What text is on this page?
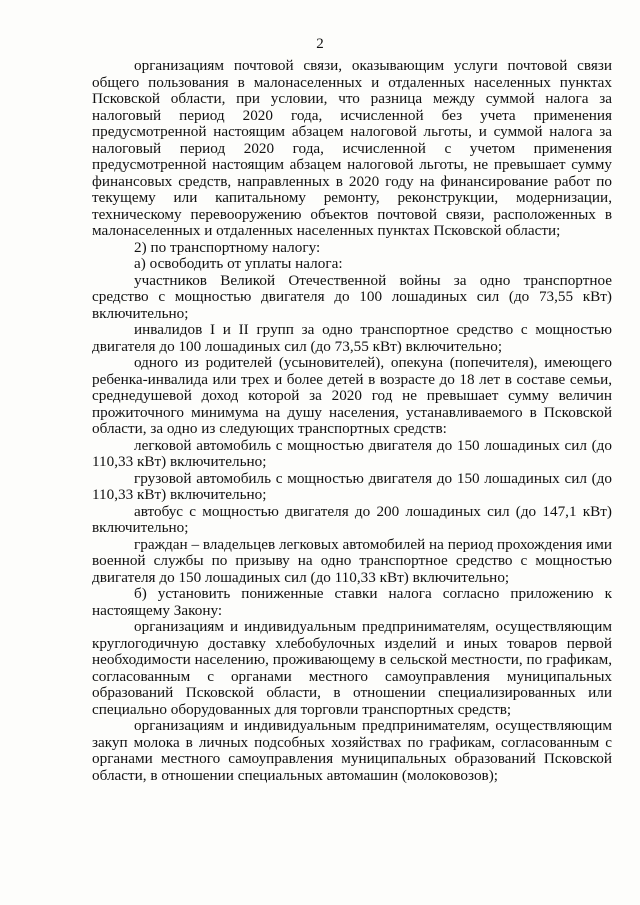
2

организациям почтовой связи, оказывающим услуги почтовой связи общего пользования в малонаселенных и отдаленных населенных пунктах Псковской области, при условии, что разница между суммой налога за налоговый период 2020 года, исчисленной без учета применения предусмотренной настоящим абзацем налоговой льготы, и суммой налога за налоговый период 2020 года, исчисленной с учетом применения предусмотренной настоящим абзацем налоговой льготы, не превышает сумму финансовых средств, направленных в 2020 году на финансирование работ по текущему или капитальному ремонту, реконструкции, модернизации, техническому перевооружению объектов почтовой связи, расположенных в малонаселенных и отдаленных населенных пунктах Псковской области;

2) по транспортному налогу:

а) освободить от уплаты налога:

участников Великой Отечественной войны за одно транспортное средство с мощностью двигателя до 100 лошадиных сил (до 73,55 кВт) включительно;

инвалидов I и II групп за одно транспортное средство с мощностью двигателя до 100 лошадиных сил (до 73,55 кВт) включительно;

одного из родителей (усыновителей), опекуна (попечителя), имеющего ребенка-инвалида или трех и более детей в возрасте до 18 лет в составе семьи, среднедушевой доход которой за 2020 год не превышает сумму величин прожиточного минимума на душу населения, устанавливаемого в Псковской области, за одно из следующих транспортных средств:

легковой автомобиль с мощностью двигателя до 150 лошадиных сил (до 110,33 кВт) включительно;

грузовой автомобиль с мощностью двигателя до 150 лошадиных сил (до 110,33 кВт) включительно;

автобус с мощностью двигателя до 200 лошадиных сил (до 147,1 кВт) включительно;

граждан – владельцев легковых автомобилей на период прохождения ими военной службы по призыву на одно транспортное средство с мощностью двигателя до 150 лошадиных сил (до 110,33 кВт) включительно;

б) установить пониженные ставки налога согласно приложению к настоящему Закону:

организациям и индивидуальным предпринимателям, осуществляющим круглогодичную доставку хлебобулочных изделий и иных товаров первой необходимости населению, проживающему в сельской местности, по графикам, согласованным с органами местного самоуправления муниципальных образований Псковской области, в отношении специализированных или специально оборудованных для торговли транспортных средств;

организациям и индивидуальным предпринимателям, осуществляющим закуп молока в личных подсобных хозяйствах по графикам, согласованным с органами местного самоуправления муниципальных образований Псковской области, в отношении специальных автомашин (молоковозов);
